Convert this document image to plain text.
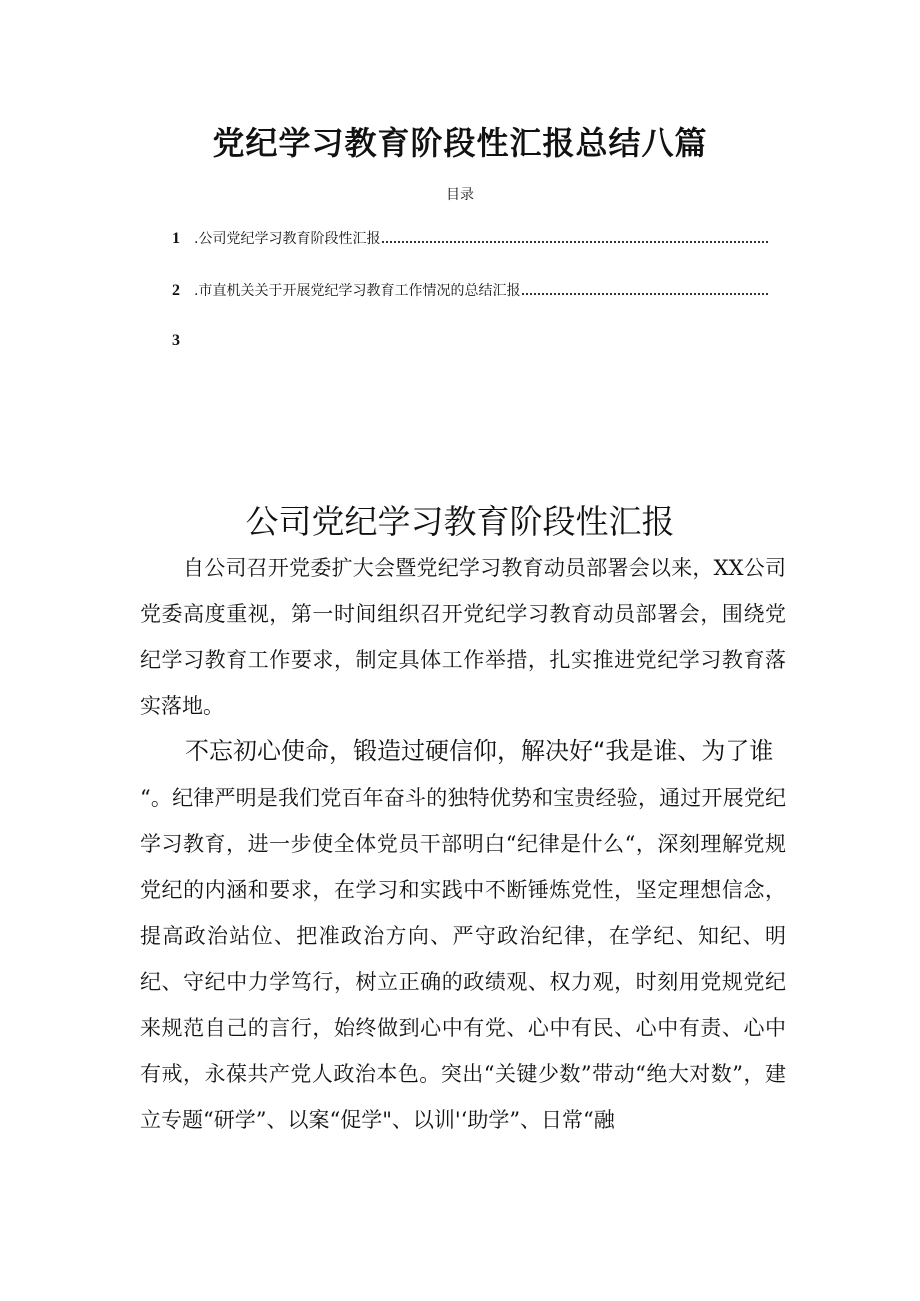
党纪学习教育阶段性汇报总结八篇
目录
1	.公司党纪学习教育阶段性汇报
2	.市直机关关于开展党纪学习教育工作情况的总结汇报
3
公司党纪学习教育阶段性汇报

自公司召开党委扩大会暨党纪学习教育动员部署会以来，XX公司党委高度重视，第一时间组织召开党纪学习教育动员部署会，围绕党纪学习教育工作要求，制定具体工作举措，扎实推进党纪学习教育落实落地。

不忘初心使命，锻造过硬信仰，解决好“我是谁、为了谁
“。纪律严明是我们党百年奋斗的独特优势和宝贵经验，通过开展党纪学习教育，进一步使全体党员干部明白“纪律是什么“，深刻理解党规党纪的内涵和要求，在学习和实践中不断锤炼党性，坚定理想信念，提高政治站位、把准政治方向、严守政治纪律，在学纪、知纪、明纪、守纪中力学笃行，树立正确的政绩观、权力观，时刻用党规党纪来规范自己的言行，始终做到心中有党、心中有民、心中有责、心中有戒，永葆共产党人政治本色。突出“关键少数”带动“绝大对数”，建立专题“研学”、以案“促学"、以训'‘助学”、日常“融
